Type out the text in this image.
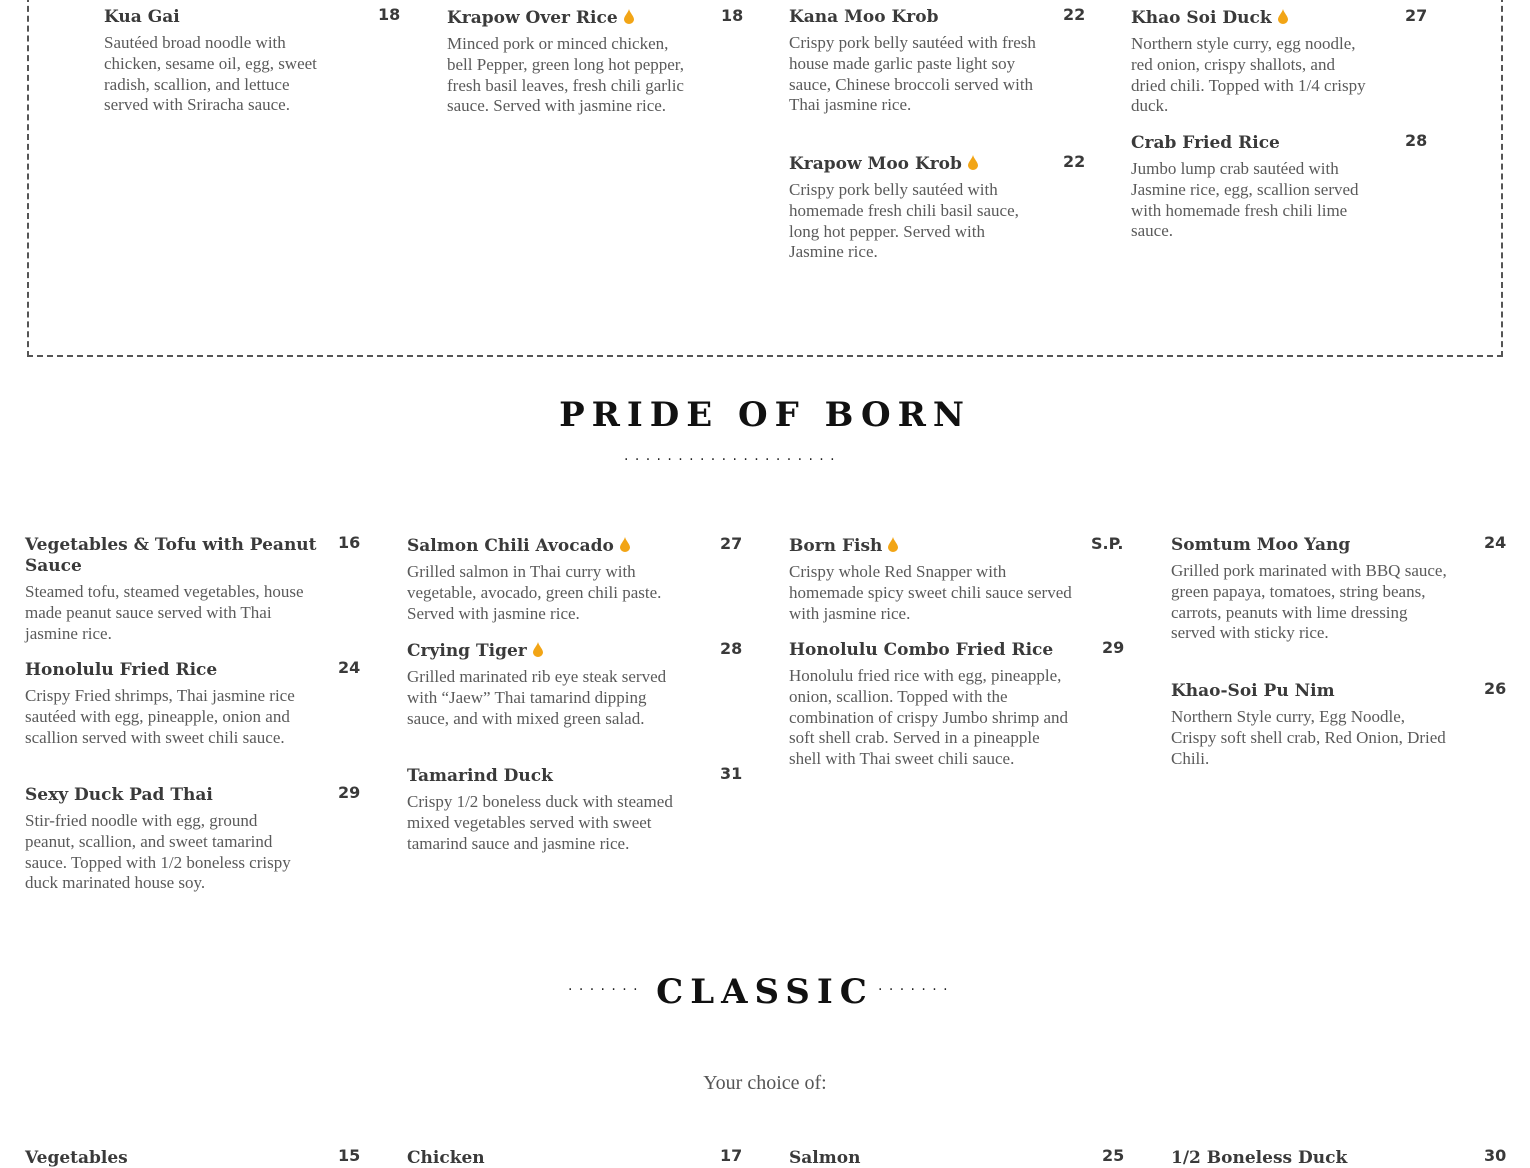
Kua Gai	18
Sautéed broad noodle with chicken, sesame oil, egg, sweet radish, scallion, and lettuce served with Sriracha sauce.
Krapow Over Rice	18
Minced pork or minced chicken, bell Pepper, green long hot pepper, fresh basil leaves, fresh chili garlic sauce. Served with jasmine rice.
Kana Moo Krob	22
Crispy pork belly sautéed with fresh house made garlic paste light soy sauce, Chinese broccoli served with Thai jasmine rice.
Krapow Moo Krob	22
Crispy pork belly sautéed with homemade fresh chili basil sauce, long hot pepper. Served with Jasmine rice.
Khao Soi Duck	27
Northern style curry, egg noodle, red onion, crispy shallots, and dried chili. Topped with 1/4 crispy duck.
Crab Fried Rice	28
Jumbo lump crab sautéed with Jasmine rice, egg, scallion served with homemade fresh chili lime sauce.
PRIDE OF BORN
....................
Vegetables & Tofu with Peanut Sauce
16
Steamed tofu, steamed vegetables, house made peanut sauce served with Thai jasmine rice.
Honolulu Fried Rice	24
Crispy Fried shrimps, Thai jasmine rice sautéed with egg, pineapple, onion and scallion served with sweet chili sauce.
Sexy Duck Pad Thai	29
Stir-fried noodle with egg, ground peanut, scallion, and sweet tamarind sauce. Topped with 1/2 boneless crispy duck marinated house soy.
Salmon Chili Avocado	27
Grilled salmon in Thai curry with vegetable, avocado, green chili paste. Served with jasmine rice.
Crying Tiger	28
Grilled marinated rib eye steak served with “Jaew” Thai tamarind dipping sauce, and with mixed green salad.
Tamarind Duck	31
Crispy 1/2 boneless duck with steamed mixed vegetables served with sweet tamarind sauce and jasmine rice.
Born Fish	S.P.
Crispy whole Red Snapper with homemade spicy sweet chili sauce served with jasmine rice.
Honolulu Combo Fried Rice	29
Honolulu fried rice with egg, pineapple, onion, scallion. Topped with the combination of crispy Jumbo shrimp and soft shell crab. Served in a pineapple shell with Thai sweet chili sauce.
Somtum Moo Yang	24
Grilled pork marinated with BBQ sauce, green papaya, tomatoes, string beans, carrots, peanuts with lime dressing served with sticky rice.
Khao-Soi Pu Nim	26
Northern Style curry, Egg Noodle, Crispy soft shell crab, Red Onion, Dried Chili.
....... CLASSIC .......
Your choice of:
Vegetables	15	Chicken	17	Salmon	25	1/2 Boneless Duck	30
